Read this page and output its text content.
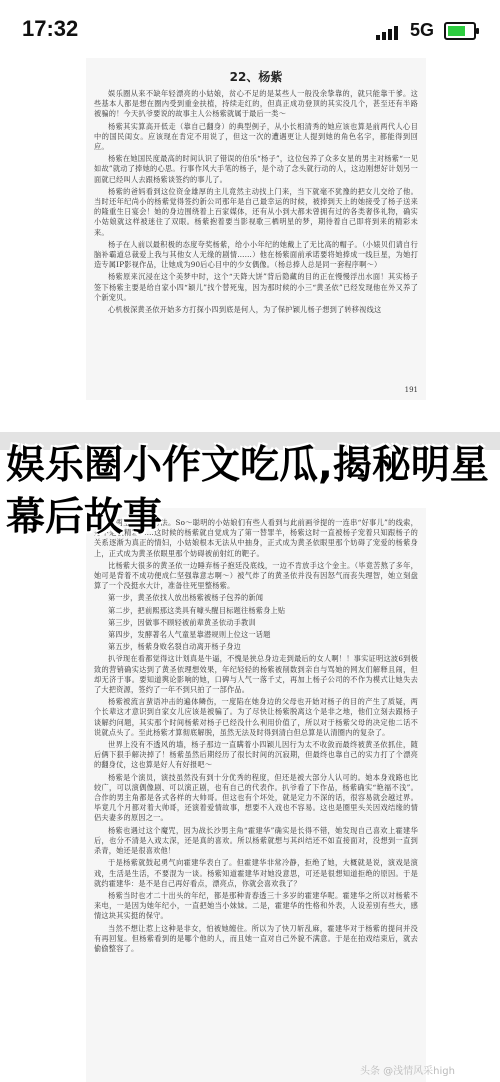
17:32	5G
22、杨紫

娱乐圈从来不缺年轻漂亮的小姑娘，贫心不足的是某些人一般没余挚靠的，就只能靠干爹。这些基本人都是想在圈内受到重金扶植，持续走红的，但真正成功登顶的其实没几个，甚至还有半路被骗的！今天扒爷要说的故事主人公杨紫就属于最后一类～

杨紫其实算高开低走（靠自己翻身）的典型例子，从小长相清秀的她应该也算是前两代人心目中的国民闺女。应该现在肯定不用说了，但这一次的遭遇更让人提到她的角色名字，都能得到回应。

杨紫在她国民度最高的时间认识了错误的伯乐“杨子”，这位包养了众多女星的男主对杨紫“一见如故”就动了捧她的心思。行事作风大手笔的杨子，是个动了念头就行动的人，这边刚想好计划另一面就已经叫人去跟杨紫谈签约的事儿了。

杨紫的爸妈看到这位资金雄厚的主儿竟然主动找上门来，当下就毫不犹豫的把女儿交给了他。当时还年纪尚小的杨紫觉得签约新公司那年是自己最幸运的时候，被捧到天上的她接受了杨子送来的隆重生日宴会！她的身边围绕着上百家媒体，还有从小到大都未曾拥有过的各类奢侈礼物，确实小姑娘就这样被迷住了双眼。杨紫抱着要当影视歌三栖明星的梦，期待着自己即将到来的精彩未来。

杨子在人前以最积极的态度夸奖杨紫，给小小年纪的她戴上了无比高的帽子。（小婊贝们请自行脑补霸道总裁爱上我与其他女人无缘的剧情……）他在杨紫面前承诺要将她捧成一线巨星，为她打造专属IP影视作品，让她成为90后心目中的少女偶像。（杨总捧人总是同一套程序啊～）

杨紫原来沉浸在这个美梦中时，这个“天降大饼”背后隐藏的目的正在慢慢浮出水面！其实杨子签下杨紫主要是给自家小四“颖儿”找个替死鬼，因为那时候的小三“黄圣依”已经发现他在外又养了个新宠贝。

心机极深黄圣依开始多方打探小四到底是何人，为了保护颖儿杨子想到了转移视线这

191

一两全其美的方法。So～聪明的小姑娘们有些人看到与此前画爷提的一连串“好事儿”的线索，是不是很精彩……这时候的杨紫就自觉成为了第一替罪羊，杨紫这时一直被杨子宠着只知跟杨子的关系逐渐为真正的情妇，小姑娘根本无法从中抽身，正式成为黄圣依眼里那个妨碍了宠爱的杨紫身上，正式成为黄圣依眼里那个妨碍被前射红的靶子。

比杨紫大很多的黄圣依一边睡弃杨子抱廷没底线，一边不肯放手这个金主。（毕竟苦熬了多年，她可是背着不成功便成仁坚强靠意志啊～）被气炸了的黄圣依并没有因怒气而丧失理智，她立刻盘算了一个没挺水大计，准备往死里整杨紫。

第一步，黄圣依找人放出杨紫被杨子包养的新闻

第二步，把前熙那这类具有噱头醒目标题往杨紫身上贴

第三步，因做事不顾轻被前辈黄圣依动手教训

第四步，发酵著名人气童星靠潜规则上位这一话题

第五步，杨紫身败名裂自动离开杨子身边

扒爷现在看都觉得这计划真是牛逼，不愧是狭总身边走到最后的女人啊！！事实证明这波6到极致的营销确实达到了黄圣依理想效果，年纪轻轻的杨紫被削数到亲自与骂她的网友们解释且闹，但却无济于事。要知道舆论影响的她，口碑与人气一落千丈，再加上杨子公司的不作为模式让她失去了大把资源，签约了一年不到只拍了一部作品。

杨紫被流言蜚语冲击的遍体鳞伤，一度陷在她身边的父母也开始对杨子的目的产生了质疑，两个长辈这才意识到自家女儿应该是被骗了。为了尽快让杨紫脱离这个是非之地，他们立刻去跟杨子谈解约问题，其实那个时间杨紫对杨子已经没什么利用价值了，所以对于杨紫父母的决定他二话不说就点头了。至此杨紫才算彻底解脱，虽然无法及时得到清白但总算是认清圈内的复杂了。

世界上没有不透风的墙，杨子那边一直瞒着小四颖儿因行为太不收敛而最终被黄圣依抓住，随后俩下狠手解决掉了！杨紫虽然后期经历了很长时间的沉寂期，但最终也靠自己的实力打了个漂亮的翻身仗，这也算是好人有好报吧～

杨紫是个演员，演技虽然没有到十分优秀的程度，但还是被大部分人认可的。她本身戏路也比较广，可以演偶像剧、可以演正剧，也有自己的代表作。扒爷看了下作品，杨紫确实“艳福不浅”。合作的男主角都是各式各样的大帅哥。但这也有个坏处，就是定力不深的话，很容易就会越过界。毕竟几个月都对着大帅哥，还演着爱情故事，想要不入戏也不容易。这也是圈里头关因戏结缘的情侣夫妻多的原因之一。

杨紫也遇过这个魔咒，因为战长沙男主角“霍建华”确实是长得不错，她发现自己喜欢上霍建华后，也分不清是入戏太深，还是真的喜欢。所以杨紫就想与其纠结还不如直接面对，没想到一直到杀青，她还是很喜欢他！

于是杨紫就鼓起勇气向霍建华表白了。但霍建华非常冷静，拒绝了她，大概就是说，演戏是演戏，生活是生活，不要混为一谈。杨紫知道霍建华对她没意思，可还是很想知道拒绝的原因。于是就约霍建华：是不是自己再好看点，漂亮点，你就会喜欢我了？

杨紫当时也才二十出头的年纪，都是那种青春透三十多岁的霍建华呢。霍建华之所以对杨紫不来电，一是因为她年纪小，一直把她当小妹妹。二是，霍建华的性格和外表，人设差别有些大，感情这块其实挺的保守。

当然不想让惹上这种是非女，怕被她缠住。所以为了快刀斩乱麻，霍建华对于杨紫的提问并没有再回复。但杨紫看到的是哪个他的人，而且她一直对自己外貌不满意。于是在拍戏结束后，就去偷偷整容了。

娱乐圈小作文吃瓜,揭秘明星幕后故事
头条 @浅情风采high
